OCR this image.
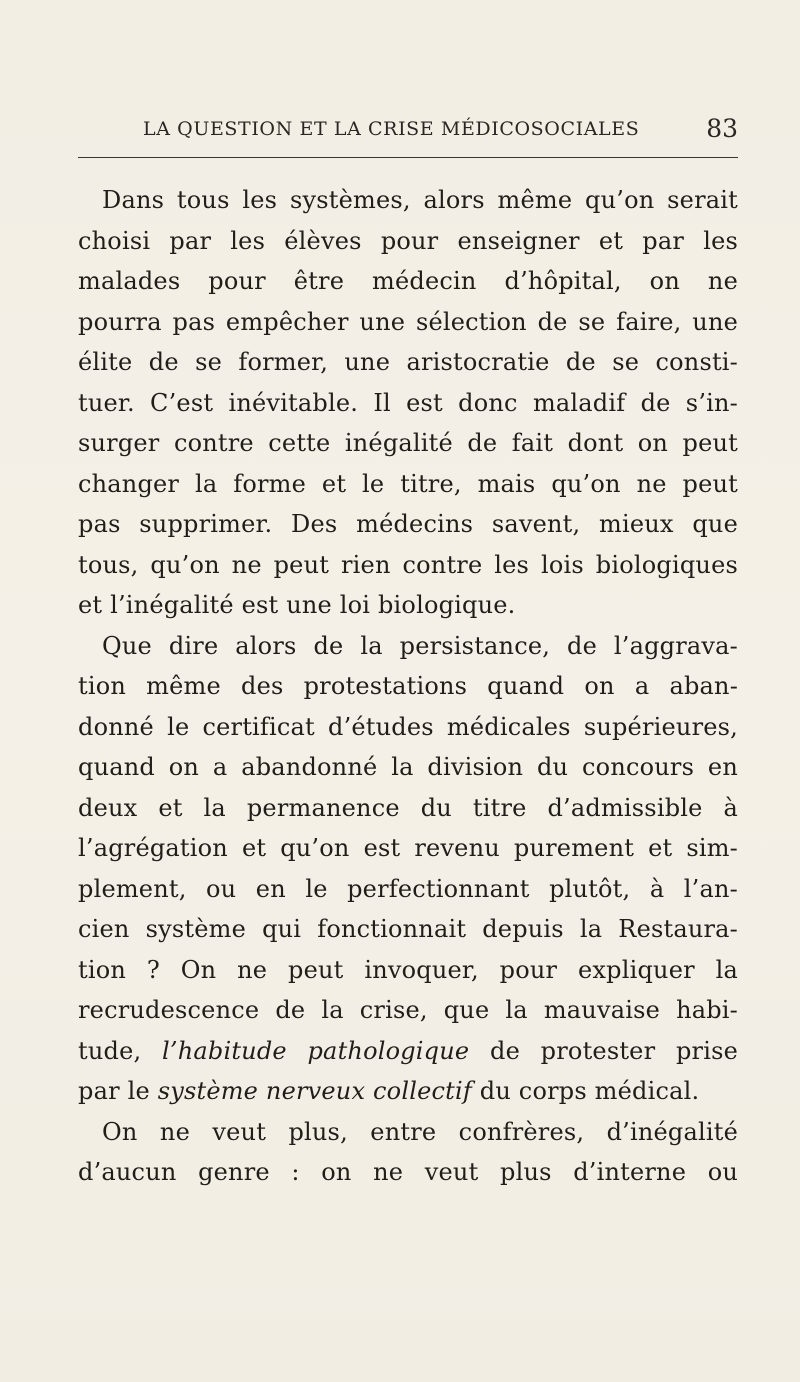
LA QUESTION ET LA CRISE MÉDICOSOCIALES	83
Dans tous les systèmes, alors même qu’on serait
choisi par les élèves pour enseigner et par les
malades pour être médecin d’hôpital, on ne
pourra pas empêcher une sélection de se faire, une
élite de se former, une aristocratie de se consti-
tuer. C’est inévitable. Il est donc maladif de s’in-
surger contre cette inégalité de fait dont on peut
changer la forme et le titre, mais qu’on ne peut
pas supprimer. Des médecins savent, mieux que
tous, qu’on ne peut rien contre les lois biologiques
et l’inégalité est une loi biologique.
Que dire alors de la persistance, de l’aggrava-
tion même des protestations quand on a aban-
donné le certificat d’études médicales supérieures,
quand on a abandonné la division du concours en
deux et la permanence du titre d’admissible à
l’agrégation et qu’on est revenu purement et sim-
plement, ou en le perfectionnant plutôt, à l’an-
cien système qui fonctionnait depuis la Restaura-
tion ? On ne peut invoquer, pour expliquer la
recrudescence de la crise, que la mauvaise habi-
tude, l’habitude pathologique de protester prise
par le système nerveux collectif du corps médical.
On ne veut plus, entre confrères, d’inégalité
d’aucun genre : on ne veut plus d’interne ou
